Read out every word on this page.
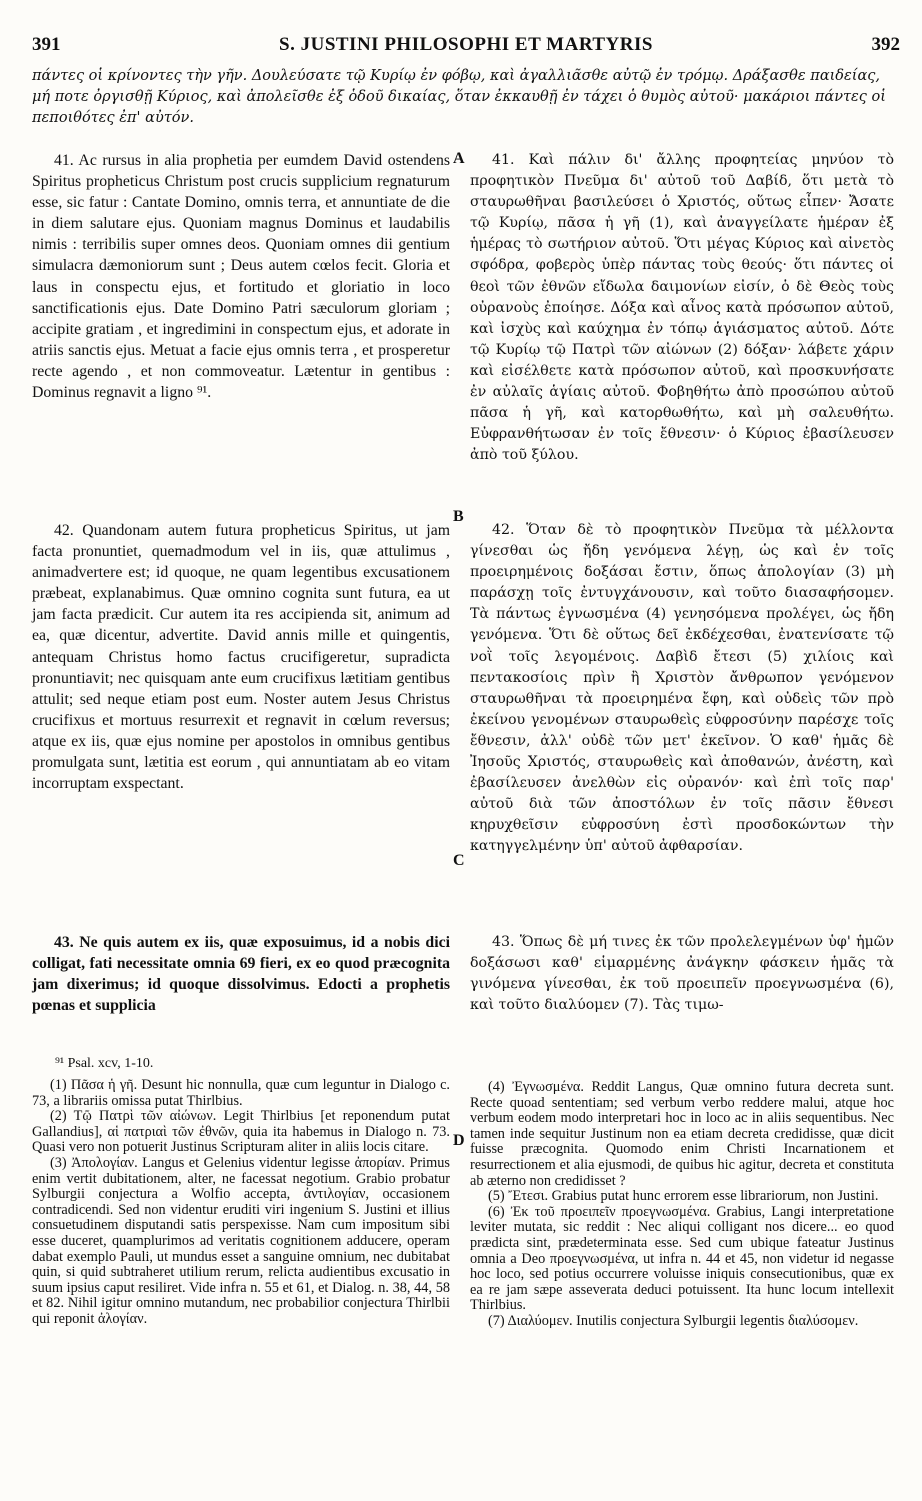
391	S. JUSTINI PHILOSOPHI ET MARTYRIS	392
πάντες οἱ κρίνοντες τὴν γῆν. Δουλεύσατε τῷ Κυρίῳ ἐν φόβῳ, καὶ ἀγαλλιᾶσθε αὐτῷ ἐν τρόμῳ. Δράξασθε παιδείας, μή ποτε ὀργισθῇ Κύριος, καὶ ἀπολεῖσθε ἐξ ὁδοῦ δικαίας, ὅταν ἐκκαυθῇ ἐν τάχει ὁ θυμὸς αὐτοῦ· μακάριοι πάντες οἱ πεποιθότες ἐπ' αὐτόν.

41. Ac rursus in alia prophetia per eumdem David ostendens Spiritus propheticus Christum post crucis supplicium regnaturum esse, sic fatur : Cantate Domino, omnis terra, et annuntiate de die in diem salutare ejus. Quoniam magnus Dominus et laudabilis nimis : terribilis super omnes deos. Quoniam omnes dii gentium simulacra dæmoniorum sunt ; Deus autem cœlos fecit. Gloria et laus in conspectu ejus, et fortitudo et gloriatio in loco sanctificationis ejus. Date Domino Patri sæculorum gloriam ; accipite gratiam , et ingredimini in conspectum ejus, et adorate in atriis sanctis ejus. Metuat a facie ejus omnis terra , et prosperetur recte agendo , et non commoveatur. Lætentur in gentibus : Dominus regnavit a ligno ⁹¹.

42. Quandonam autem futura propheticus Spiritus, ut jam facta pronuntiet, quemadmodum vel in iis, quæ attulimus , animadvertere est; id quoque, ne quam legentibus excusationem præbeat, explanabimus. Quæ omnino cognita sunt futura, ea ut jam facta prædicit. Cur autem ita res accipienda sit, animum ad ea, quæ dicentur, advertite. David annis mille et quingentis, antequam Christus homo factus crucifigeretur, supradicta pronuntiavit; nec quisquam ante eum crucifixus lætitiam gentibus attulit; sed neque etiam post eum. Noster autem Jesus Christus crucifixus et mortuus resurrexit et regnavit in cœlum reversus; atque ex iis, quæ ejus nomine per apostolos in omnibus gentibus promulgata sunt, lætitia est eorum , qui annuntiatam ab eo vitam incorruptam exspectant.

43. Ne quis autem ex iis, quæ exposuimus, id a nobis dici colligat, fati necessitate omnia 69 fieri, ex eo quod præcognita jam dixerimus; id quoque dissolvimus. Edocti a prophetis pœnas et supplicia

41. Καὶ πάλιν δι' ἄλλης προφητείας μηνύον τὸ προφητικὸν Πνεῦμα δι' αὐτοῦ τοῦ Δαβίδ, ὅτι μετὰ τὸ σταυρωθῆναι βασιλεύσει ὁ Χριστός, οὕτως εἶπεν· Ἄσατε τῷ Κυρίῳ, πᾶσα ἡ γῆ (1), καὶ ἀναγγείλατε ἡμέραν ἐξ ἡμέρας τὸ σωτήριον αὐτοῦ. Ὅτι μέγας Κύριος καὶ αἰνετὸς σφόδρα, φοβερὸς ὑπὲρ πάντας τοὺς θεούς· ὅτι πάντες οἱ θεοὶ τῶν ἐθνῶν εἴδωλα δαιμονίων εἰσίν, ὁ δὲ Θεὸς τοὺς οὐρανοὺς ἐποίησε. Δόξα καὶ αἶνος κατὰ πρόσωπον αὐτοῦ, καὶ ἰσχὺς καὶ καύχημα ἐν τόπῳ ἁγιάσματος αὐτοῦ. Δότε τῷ Κυρίῳ τῷ Πατρὶ τῶν αἰώνων (2) δόξαν· λάβετε χάριν καὶ εἰσέλθετε κατὰ πρόσωπον αὐτοῦ, καὶ προσκυνήσατε ἐν αὐλαῖς ἁγίαις αὐτοῦ. Φοβηθήτω ἀπὸ προσώπου αὐτοῦ πᾶσα ἡ γῆ, καὶ κατορθωθήτω, καὶ μὴ σαλευθήτω. Εὐφρανθήτωσαν ἐν τοῖς ἔθνεσιν· ὁ Κύριος ἐβασίλευσεν ἀπὸ τοῦ ξύλου.

42. Ὅταν δὲ τὸ προφητικὸν Πνεῦμα τὰ μέλλοντα γίνεσθαι ὡς ἤδη γενόμενα λέγῃ, ὡς καὶ ἐν τοῖς προειρημένοις δοξάσαι ἔστιν, ὅπως ἀπολογίαν (3) μὴ παράσχῃ τοῖς ἐντυγχάνουσιν, καὶ τοῦτο διασαφήσομεν. Τὰ πάντως ἐγνωσμένα (4) γενησόμενα προλέγει, ὡς ἤδη γενόμενα. Ὅτι δὲ οὕτως δεῖ ἐκδέχεσθαι, ἐνατενίσατε τῷ νοῒ τοῖς λεγομένοις. Δαβὶδ ἔτεσι (5) χιλίοις καὶ πεντακοσίοις πρὶν ἢ Χριστὸν ἄνθρωπον γενόμενον σταυρωθῆναι τὰ προειρημένα ἔφη, καὶ οὐδεὶς τῶν πρὸ ἐκείνου γενομένων σταυρωθεὶς εὐφροσύνην παρέσχε τοῖς ἔθνεσιν, ἀλλ' οὐδὲ τῶν μετ' ἐκεῖνον. Ὁ καθ' ἡμᾶς δὲ Ἰησοῦς Χριστός, σταυρωθεὶς καὶ ἀποθανών, ἀνέστη, καὶ ἐβασίλευσεν ἀνελθὼν εἰς οὐρανόν· καὶ ἐπὶ τοῖς παρ' αὐτοῦ διὰ τῶν ἀποστόλων ἐν τοῖς πᾶσιν ἔθνεσι κηρυχθεῖσιν εὐφροσύνη ἐστὶ προσδοκώντων τὴν κατηγγελμένην ὑπ' αὐτοῦ ἀφθαρσίαν.

43. Ὅπως δὲ μή τινες ἐκ τῶν προλελεγμένων ὑφ' ἡμῶν δοξάσωσι καθ' εἱμαρμένης ἀνάγκην φάσκειν ἡμᾶς τὰ γινόμενα γίνεσθαι, ἐκ τοῦ προειπεῖν προεγνωσμένα (6), καὶ τοῦτο διαλύομεν (7). Τὰς τιμω-

A
B
C
D
⁹¹ Psal. xcv, 1-10.

(1) Πᾶσα ἡ γῆ. Desunt hic nonnulla, quæ cum leguntur in Dialogo c. 73, a librariis omissa putat Thirlbius.

(2) Τῷ Πατρὶ τῶν αἰώνων. Legit Thirlbius [et reponendum putat Gallandius], αἱ πατριαὶ τῶν ἐθνῶν, quia ita habemus in Dialogo n. 73. Quasi vero non potuerit Justinus Scripturam aliter in aliis locis citare.

(3) Ἀπολογίαν. Langus et Gelenius videntur legisse ἀπορίαν. Primus enim vertit dubitationem, alter, ne facessat negotium. Grabio probatur Sylburgii conjectura a Wolfio accepta, ἀντιλογίαν, occasionem contradicendi. Sed non videntur eruditi viri ingenium S. Justini et illius consuetudinem disputandi satis perspexisse. Nam cum impositum sibi esse duceret, quamplurimos ad veritatis cognitionem adducere, operam dabat exemplo Pauli, ut mundus esset a sanguine omnium, nec dubitabat quin, si quid subtraheret utilium rerum, relicta audientibus excusatio in suum ipsius caput resiliret. Vide infra n. 55 et 61, et Dialog. n. 38, 44, 58 et 82. Nihil igitur omnino mutandum, nec probabilior conjectura Thirlbii qui reponit ἀλογίαν.

(4) Ἐγνωσμένα. Reddit Langus, Quæ omnino futura decreta sunt. Recte quoad sententiam; sed verbum verbo reddere malui, atque hoc verbum eodem modo interpretari hoc in loco ac in aliis sequentibus. Nec tamen inde sequitur Justinum non ea etiam decreta credidisse, quæ dicit fuisse præcognita. Quomodo enim Christi Incarnationem et resurrectionem et alia ejusmodi, de quibus hic agitur, decreta et constituta ab æterno non credidisset ?

(5) Ἔτεσι. Grabius putat hunc errorem esse librariorum, non Justini.

(6) Ἐκ τοῦ προειπεῖν προεγνωσμένα. Grabius, Langi interpretatione leviter mutata, sic reddit : Nec aliqui colligant nos dicere... eo quod prædicta sint, prædeterminata esse. Sed cum ubique fateatur Justinus omnia a Deo προεγνωσμένα, ut infra n. 44 et 45, non videtur id negasse hoc loco, sed potius occurrere voluisse iniquis consecutionibus, quæ ex ea re jam sæpe asseverata deduci potuissent. Ita hunc locum intellexit Thirlbius.

(7) Διαλύομεν. Inutilis conjectura Sylburgii legentis διαλύσομεν.
